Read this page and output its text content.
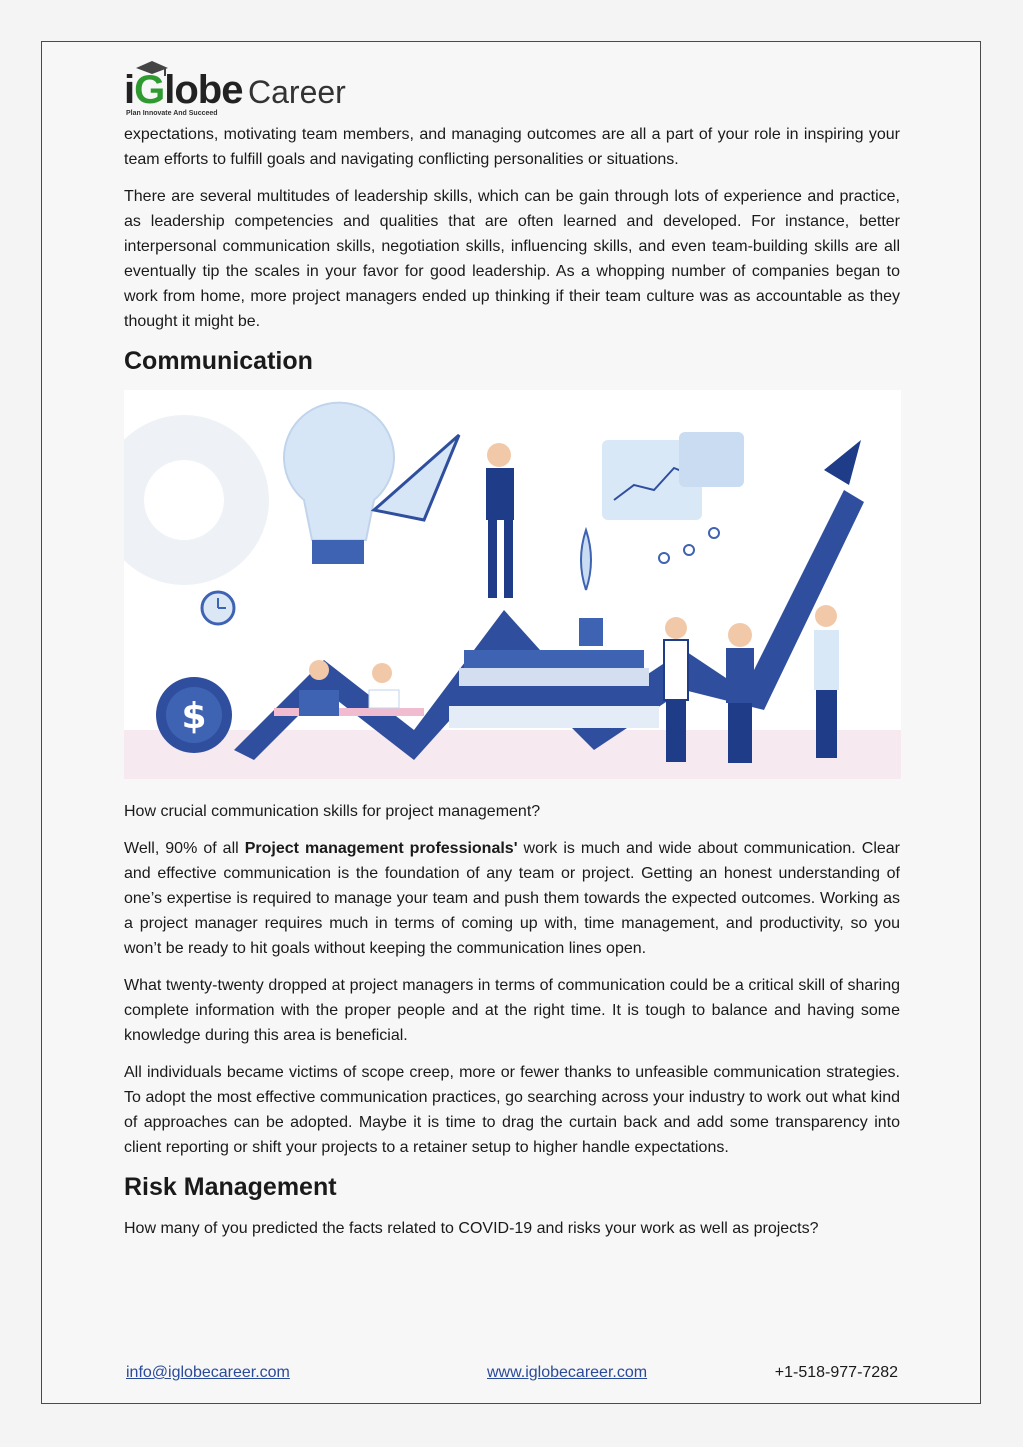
iGlobe Career
Plan Innovate And Succeed

expectations, motivating team members, and managing outcomes are all a part of your role in inspiring your team efforts to fulfill goals and navigating conflicting personalities or situations.

There are several multitudes of leadership skills, which can be gain through lots of experience and practice, as leadership competencies and qualities that are often learned and developed. For instance, better interpersonal communication skills, negotiation skills, influencing skills, and even team-building skills are all eventually tip the scales in your favor for good leadership. As a whopping number of companies began to work from home, more project managers ended up thinking if their team culture was as accountable as they thought it might be.

Communication
$

How crucial communication skills for project management?

Well, 90% of all Project management professionals' work is much and wide about communication. Clear and effective communication is the foundation of any team or project. Getting an honest understanding of one’s expertise is required to manage your team and push them towards the expected outcomes. Working as a project manager requires much in terms of coming up with, time management, and productivity, so you won’t be ready to hit goals without keeping the communication lines open.

What twenty-twenty dropped at project managers in terms of communication could be a critical skill of sharing complete information with the proper people and at the right time. It is tough to balance and having some knowledge during this area is beneficial.

All individuals became victims of scope creep, more or fewer thanks to unfeasible communication strategies. To adopt the most effective communication practices, go searching across your industry to work out what kind of approaches can be adopted. Maybe it is time to drag the curtain back and add some transparency into client reporting or shift your projects to a retainer setup to higher handle expectations.

Risk Management

How many of you predicted the facts related to COVID-19 and risks your work as well as projects?

info@iglobecareer.com	www.iglobecareer.com	+1-518-977-7282
